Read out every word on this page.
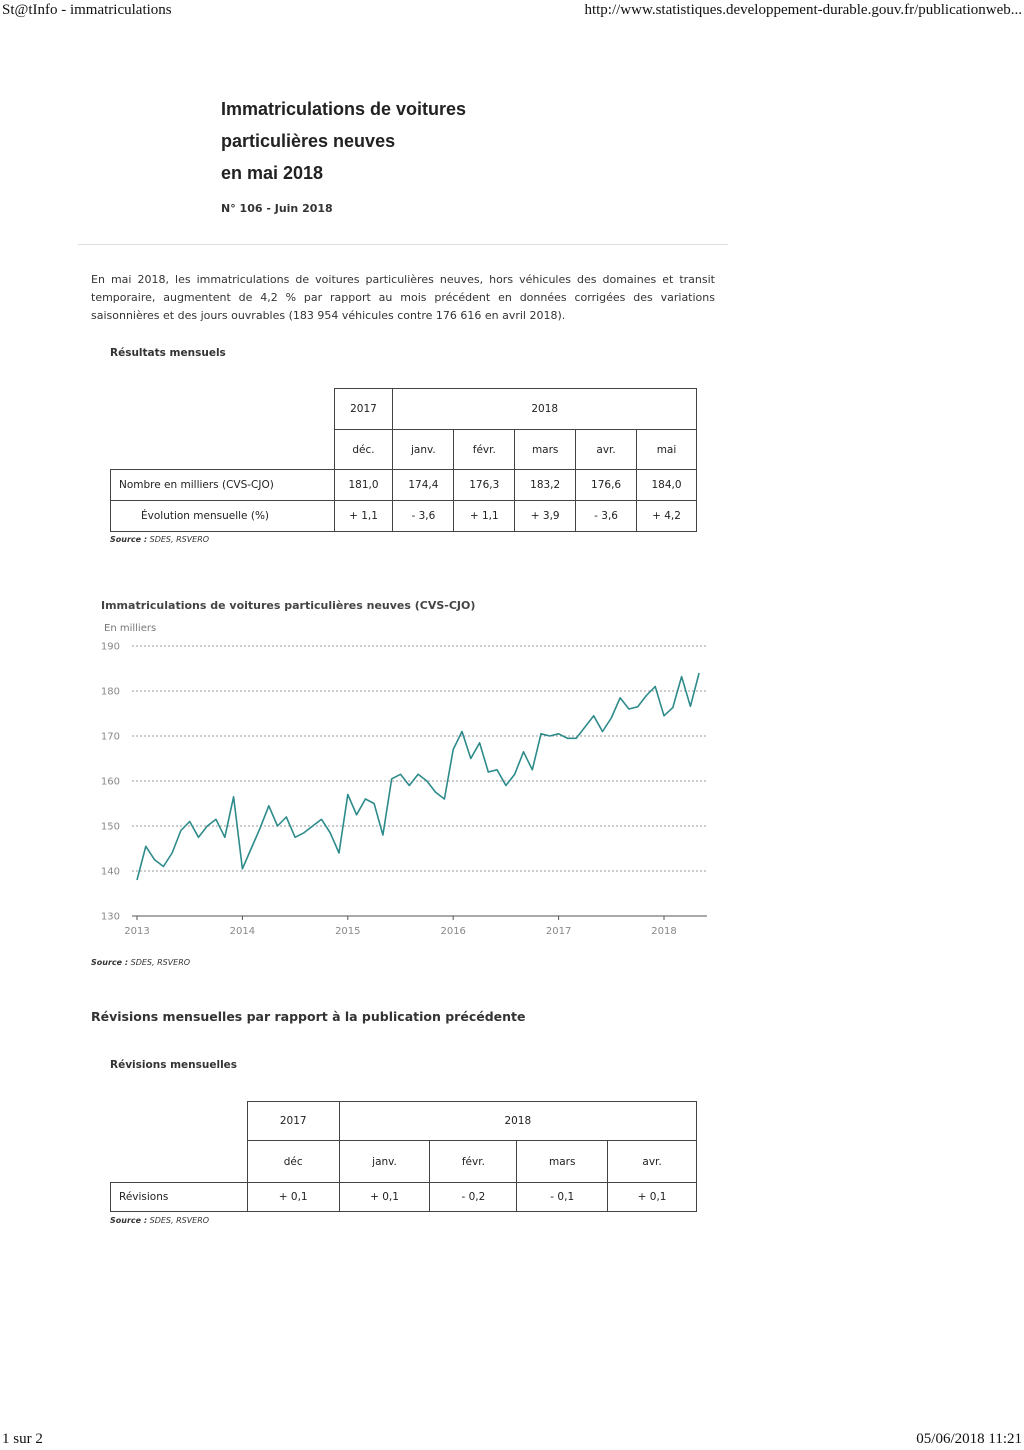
St@tInfo - immatriculations	http://www.statistiques.developpement-durable.gouv.fr/publicationweb...
Immatriculations de voitures
particulières neuves
en mai 2018
N° 106 - Juin 2018

En mai 2018, les immatriculations de voitures particulières neuves, hors véhicules des domaines et transit temporaire, augmentent de 4,2 % par rapport au mois précédent en données corrigées des variations saisonnières et des jours ouvrables (183 954 véhicules contre 176 616 en avril 2018).

Résultats mensuels
	2017	2018				
	déc.	janv.	févr.	mars	avr.	mai
Nombre en milliers (CVS-CJO)	181,0	174,4	176,3	183,2	176,6	184,0
Évolution mensuelle (%)	+ 1,1	- 3,6	+ 1,1	+ 3,9	- 3,6	+ 4,2
Source : SDES, RSVERO
Immatriculations de voitures particulières neuves (CVS-CJO)
En milliers
130
140
150
160
170
180
190
2013	2014	2015	2016	2017	2018
Source : SDES, RSVERO
Révisions mensuelles par rapport à la publication précédente
Révisions mensuelles
	2017	2018			
	déc	janv.	févr.	mars	avr.
Révisions	+ 0,1	+ 0,1	- 0,2	- 0,1	+ 0,1
Source : SDES, RSVERO
1 sur 2	05/06/2018 11:21
